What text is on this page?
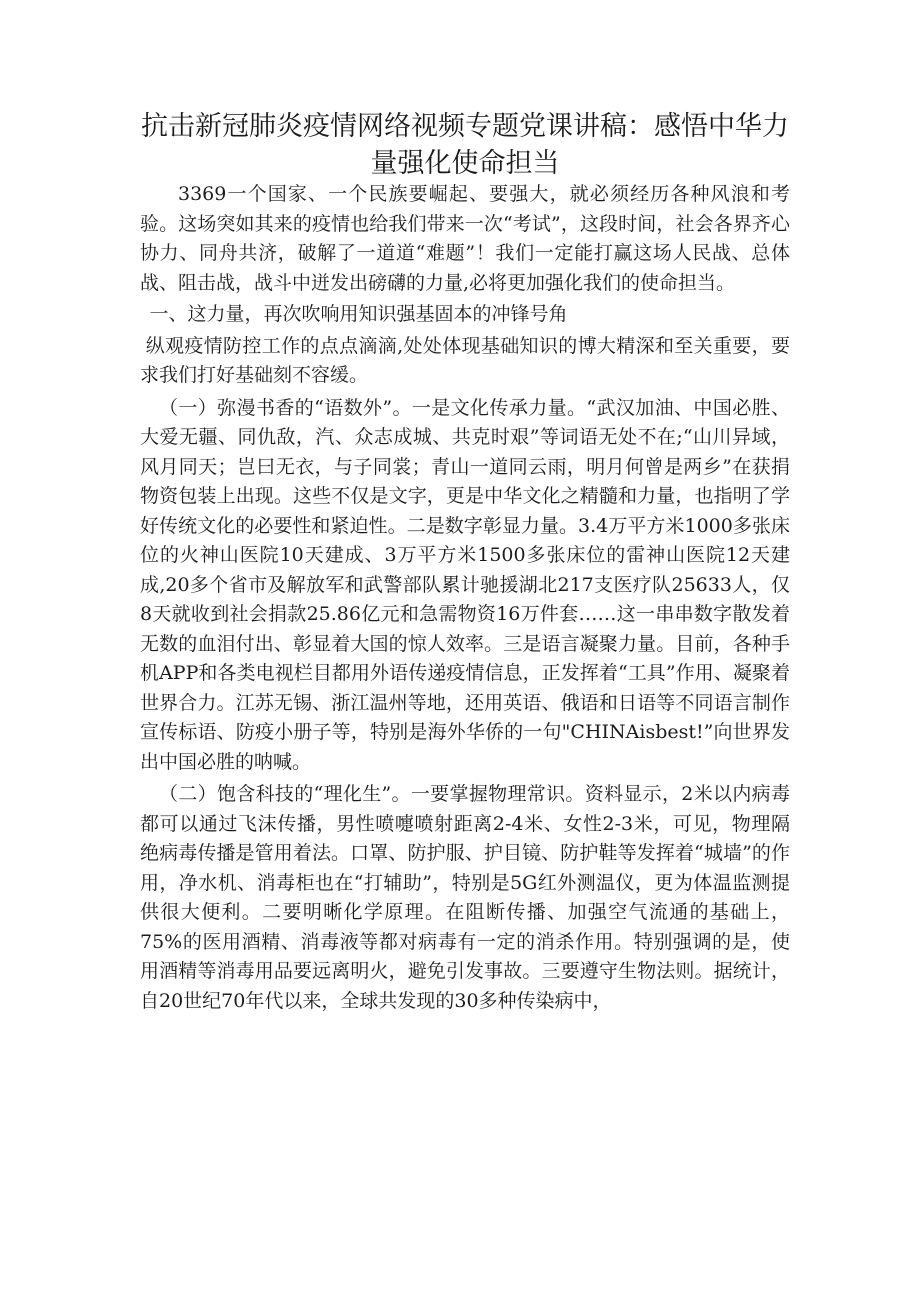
抗击新冠肺炎疫情网络视频专题党课讲稿：感悟中华力量强化使命担当

3369一个国家、一个民族要崛起、要强大，就必须经历各种风浪和考验。这场突如其来的疫情也给我们带来一次“考试”，这段时间，社会各界齐心协力、同舟共济，破解了一道道“难题”！我们一定能打赢这场人民战、总体战、阻击战，战斗中迸发出磅礴的力量,必将更加强化我们的使命担当。

一、这力量，再次吹响用知识强基固本的冲锋号角

纵观疫情防控工作的点点滴滴,处处体现基础知识的博大精深和至关重要，要求我们打好基础刻不容缓。

（一）弥漫书香的“语数外”。一是文化传承力量。“武汉加油、中国必胜、大爱无疆、同仇敌，汽、众志成城、共克时艰”等词语无处不在;“山川异域，风月同天；岂曰无衣，与子同裳；青山一道同云雨，明月何曾是两乡”在获捐物资包装上出现。这些不仅是文字，更是中华文化之精髓和力量，也指明了学好传统文化的必要性和紧迫性。二是数字彰显力量。3.4万平方米1000多张床位的火神山医院10天建成、3万平方米1500多张床位的雷神山医院12天建成,20多个省市及解放军和武警部队累计驰援湖北217支医疗队25633人，仅8天就收到社会捐款25.86亿元和急需物资16万件套……这一串串数字散发着无数的血泪付出、彰显着大国的惊人效率。三是语言凝聚力量。目前，各种手机APP和各类电视栏目都用外语传递疫情信息，正发挥着“工具”作用、凝聚着世界合力。江苏无锡、浙江温州等地，还用英语、俄语和日语等不同语言制作宣传标语、防疫小册子等，特别是海外华侨的一句"CHINAisbest!”向世界发出中国必胜的呐喊。

（二）饱含科技的“理化生”。一要掌握物理常识。资料显示，2米以内病毒都可以通过飞沫传播，男性喷嚏喷射距离2-4米、女性2-3米，可见，物理隔绝病毒传播是管用着法。口罩、防护服、护目镜、防护鞋等发挥着“城墙”的作用，净水机、消毒柜也在“打辅助”，特别是5G红外测温仪，更为体温监测提供很大便利。二要明晰化学原理。在阻断传播、加强空气流通的基础上，75%的医用酒精、消毒液等都对病毒有一定的消杀作用。特别强调的是，使用酒精等消毒用品要远离明火，避免引发事故。三要遵守生物法则。据统计，自20世纪70年代以来，全球共发现的30多种传染病中，
